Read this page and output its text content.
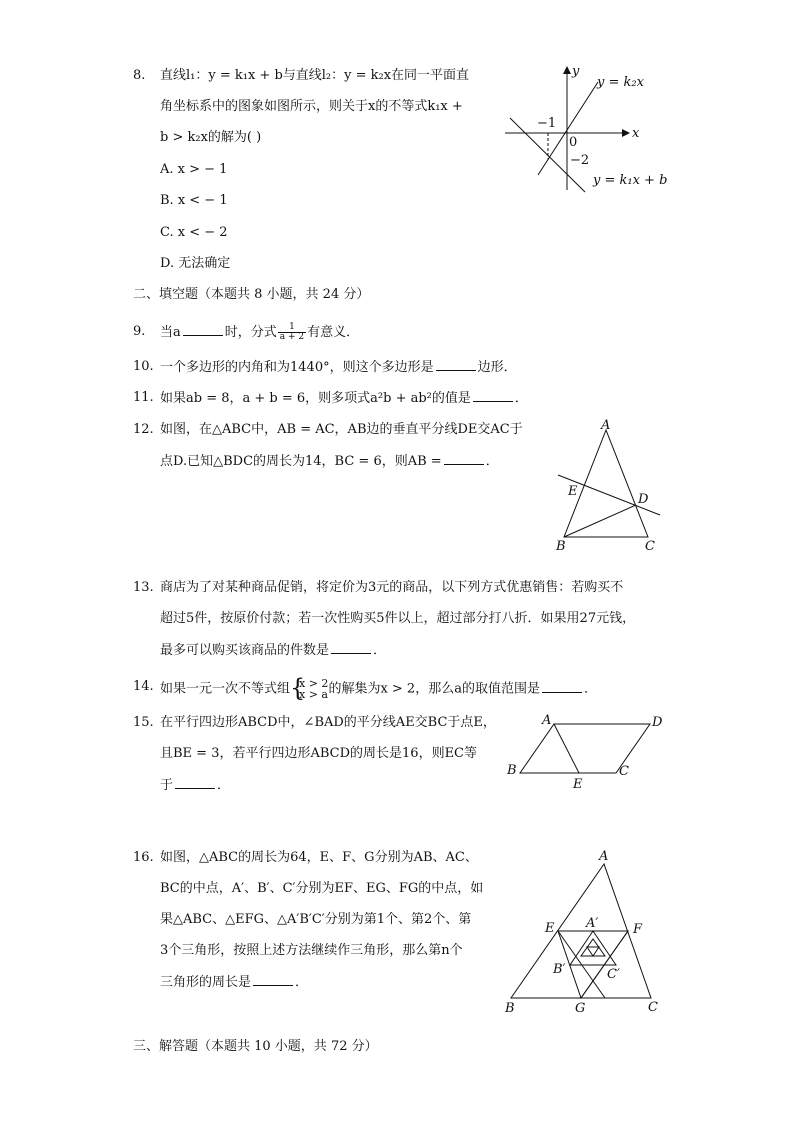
8. 直线l₁：y = k₁x + b与直线l₂：y = k₂x在同一平面直
角坐标系中的图象如图所示，则关于x的不等式k₁x +
b > k₂x的解为( )
A. x > − 1
B. x < − 1
C. x < − 2
D. 无法确定
y
x
0
−1
−2
y = k₂x
y = k₁x + b
二、填空题（本题共 8 小题，共 24 分）
9. 当a	时，分式 $\frac{1}{a + 2}$ 有意义．
10. 一个多边形的内角和为1440°，则这个多边形是	边形．
11. 如果ab = 8，a + b = 6，则多项式a²b + ab²的值是	．
12. 如图，在△ABC中，AB = AC，AB边的垂直平分线DE交AC于
点D.已知△BDC的周长为14，BC = 6，则AB =	．
A
B	C
D
E
13. 商店为了对某种商品促销，将定价为3元的商品，以下列方式优惠销售：若购买不
超过5件，按原价付款；若一次性购买5件以上，超过部分打八折．如果用27元钱，
最多可以购买该商品的件数是	．
14. 如果一元一次不等式组 {
x > 2
x > a 的解集为x > 2，那么a的取值范围是	．
15. 在平行四边形ABCD中，∠BAD的平分线AE交BC于点E，
且BE = 3，若平行四边形ABCD的周长是16，则EC等
于	．
A	D
B	C
E
16. 如图，△ABC的周长为64，E、F、G分别为AB、AC、
BC的中点，A′、B′、C′分别为EF、EG、FG的中点，如
果△ABC、△EFG、△A′B′C′分别为第1个、第2个、第
3个三角形，按照上述方法继续作三角形，那么第n个
三角形的周长是	．
A
B	C
E	F
G
A′
B′	C′
三、解答题（本题共 10 小题，共 72 分）
